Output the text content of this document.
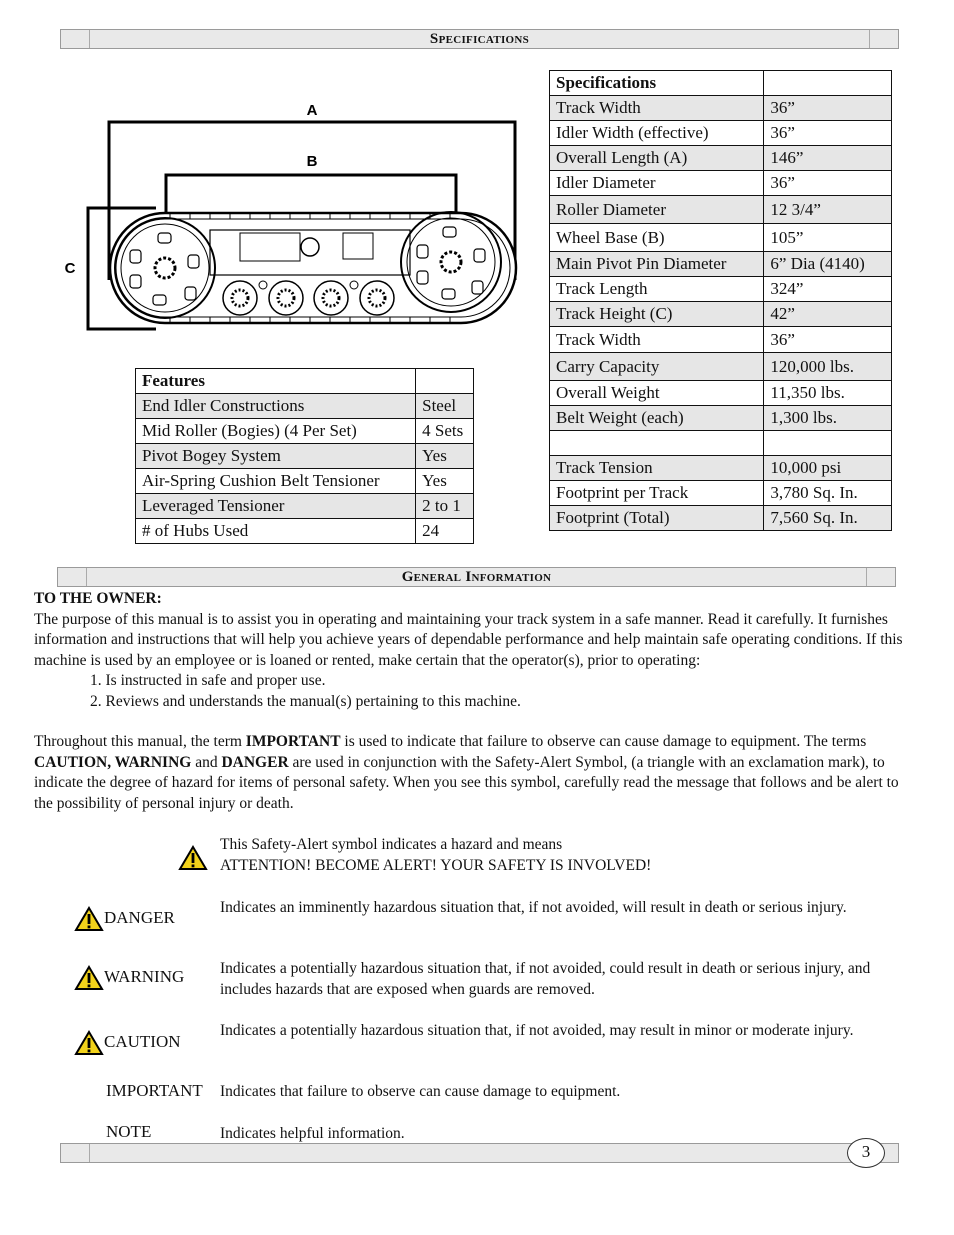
Specifications
A
B
C
Specifications	
Track Width	36”
Idler Width (effective)	36”
Overall Length (A)	146”
Idler Diameter	36”
Roller Diameter	12 3/4”
Wheel Base (B)	105”
Main Pivot Pin Diameter	6” Dia (4140)
Track Length	324”
Track Height (C)	42”
Track Width	36”
Carry Capacity	120,000 lbs.
Overall Weight	11,350 lbs.
Belt Weight (each)	1,300 lbs.

Track Tension	10,000 psi
Footprint per Track	3,780 Sq. In.
Footprint (Total)	7,560 Sq. In.
Features	
End Idler Constructions	Steel
Mid Roller (Bogies) (4 Per Set)	4 Sets
Pivot Bogey System	Yes
Air-Spring Cushion Belt Tensioner	Yes
Leveraged Tensioner	2 to 1
# of Hubs Used	24
General Information

TO THE OWNER:

The purpose of this manual is to assist you in operating and maintaining your track system in a safe manner. Read it carefully. It furnishes information and instructions that will help you achieve years of dependable performance and help maintain safe operating conditions. If this machine is used by an employee or is loaned or rented, make certain that the operator(s), prior to operating:

1. Is instructed in safe and proper use.

2. Reviews and understands the manual(s) pertaining to this machine.

Throughout this manual, the term IMPORTANT is used to indicate that failure to observe can cause damage to equipment. The terms CAUTION, WARNING and DANGER are used in conjunction with the Safety-Alert Symbol, (a triangle with an exclamation mark), to indicate the degree of hazard for items of personal safety. When you see this symbol, carefully read the message that follows and be alert to the possibility of personal injury or death.

This Safety-Alert symbol indicates a hazard and means
ATTENTION! BECOME ALERT! YOUR SAFETY IS INVOLVED!
DANGER
Indicates an imminently hazardous situation that, if not avoided, will result in death or serious injury.
WARNING Indicates a potentially hazardous situation that, if not avoided, could result in death or serious injury, and includes hazards that are exposed when guards are removed.
CAUTION
Indicates a potentially hazardous situation that, if not avoided, may result in minor or moderate injury.
IMPORTANT Indicates that failure to observe can cause damage to equipment.
NOTE	Indicates helpful information.
3
